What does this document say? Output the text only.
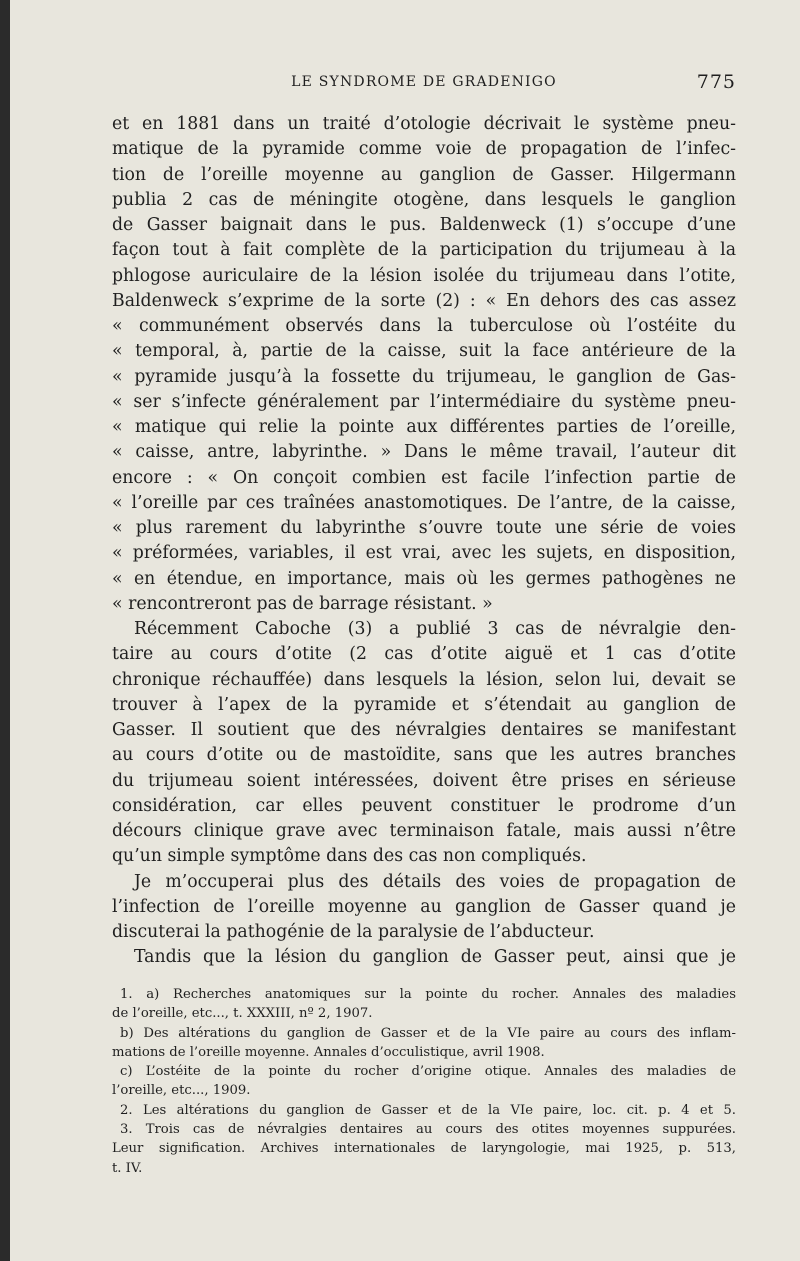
LE SYNDROME DE GRADENIGO	775
et en 1881 dans un traité d’otologie décrivait le système pneu-
matique de la pyramide comme voie de propagation de l’infec-
tion de l’oreille moyenne au ganglion de Gasser. Hilgermann
publia 2 cas de méningite otogène, dans lesquels le ganglion
de Gasser baignait dans le pus. Baldenweck (1) s’occupe d’une
façon tout à fait complète de la participation du trijumeau à la
phlogose auriculaire de la lésion isolée du trijumeau dans l’otite,
Baldenweck s’exprime de la sorte (2) : « En dehors des cas assez
« communément observés dans la tuberculose où l’ostéite du
« temporal, à, partie de la caisse, suit la face antérieure de la
« pyramide jusqu’à la fossette du trijumeau, le ganglion de Gas-
« ser s’infecte généralement par l’intermédiaire du système pneu-
« matique qui relie la pointe aux différentes parties de l’oreille,
« caisse, antre, labyrinthe. » Dans le même travail, l’auteur dit
encore : « On conçoit combien est facile l’infection partie de
« l’oreille par ces traînées anastomotiques. De l’antre, de la caisse,
« plus rarement du labyrinthe s’ouvre toute une série de voies
« préformées, variables, il est vrai, avec les sujets, en disposition,
« en étendue, en importance, mais où les germes pathogènes ne
« rencontreront pas de barrage résistant. »
Récemment Caboche (3) a publié 3 cas de névralgie den-
taire au cours d’otite (2 cas d’otite aiguë et 1 cas d’otite
chronique réchauffée) dans lesquels la lésion, selon lui, devait se
trouver à l’apex de la pyramide et s’étendait au ganglion de
Gasser. Il soutient que des névralgies dentaires se manifestant
au cours d’otite ou de mastoïdite, sans que les autres branches
du trijumeau soient intéressées, doivent être prises en sérieuse
considération, car elles peuvent constituer le prodrome d’un
décours clinique grave avec terminaison fatale, mais aussi n’être
qu’un simple symptôme dans des cas non compliqués.
Je m’occuperai plus des détails des voies de propagation de
l’infection de l’oreille moyenne au ganglion de Gasser quand je
discuterai la pathogénie de la paralysie de l’abducteur.
Tandis que la lésion du ganglion de Gasser peut, ainsi que je
1. a) Recherches anatomiques sur la pointe du rocher. Annales des maladies
de l’oreille, etc..., t. XXXIII, nº 2, 1907.
b) Des altérations du ganglion de Gasser et de la VIe paire au cours des inflam-
mations de l’oreille moyenne. Annales d’occulistique, avril 1908.
c) L’ostéite de la pointe du rocher d’origine otique. Annales des maladies de
l’oreille, etc..., 1909.
2. Les altérations du ganglion de Gasser et de la VIe paire, loc. cit. p. 4 et 5.
3. Trois cas de névralgies dentaires au cours des otites moyennes suppurées.
Leur signification. Archives internationales de laryngologie, mai 1925, p. 513,
t. IV.
